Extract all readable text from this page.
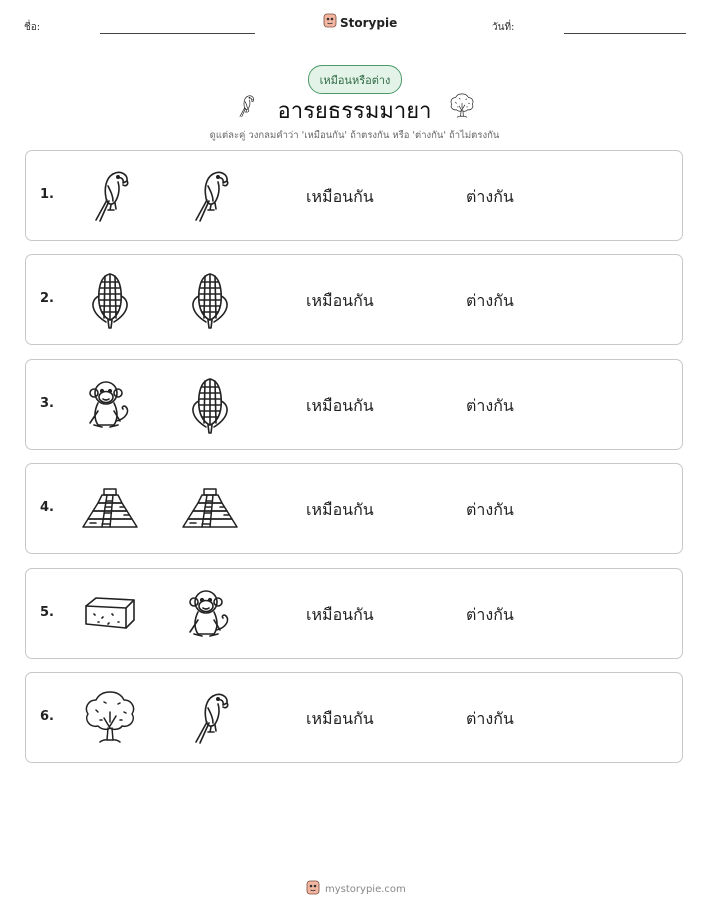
ชื่อ:	Storypie	วันที่:
เหมือนหรือต่าง
อารยธรรมมายา
ดูแต่ละคู่ วงกลมคำว่า 'เหมือนกัน' ถ้าตรงกัน หรือ 'ต่างกัน' ถ้าไม่ตรงกัน
1.	เหมือนกัน	ต่างกัน
2.	เหมือนกัน	ต่างกัน
3.	เหมือนกัน	ต่างกัน
4.	เหมือนกัน	ต่างกัน
5.	เหมือนกัน	ต่างกัน
6.	เหมือนกัน	ต่างกัน
mystorypie.com
